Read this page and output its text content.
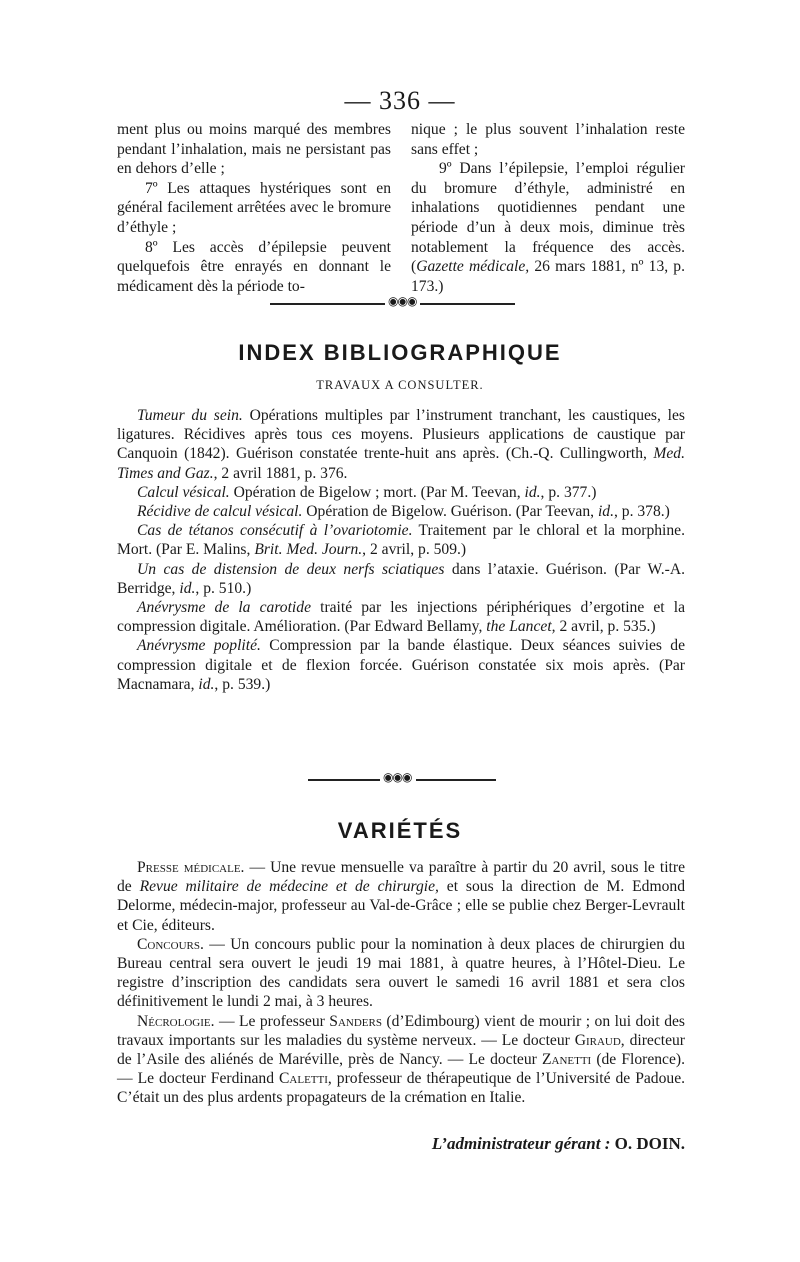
— 336 —

ment plus ou moins marqué des membres pendant l’inhalation, mais ne persistant pas en dehors d’elle ;

7º Les attaques hystériques sont en général facilement arrêtées avec le bromure d’éthyle ;

8º Les accès d’épilepsie peuvent quelquefois être enrayés en donnant le médicament dès la période to-

nique ; le plus souvent l’inhalation reste sans effet ;

9º Dans l’épilepsie, l’emploi régulier du bromure d’éthyle, administré en inhalations quotidiennes pendant une période d’un à deux mois, diminue très notablement la fréquence des accès.(Gazette médicale, 26 mars 1881, nº 13, p. 173.)

◉◉◉
INDEX BIBLIOGRAPHIQUE
TRAVAUX A CONSULTER.

Tumeur du sein. Opérations multiples par l’instrument tranchant, les caustiques, les ligatures. Récidives après tous ces moyens. Plusieurs applications de caustique par Canquoin (1842). Guérison constatée trente-huit ans après. (Ch.-Q. Cullingworth, Med. Times and Gaz., 2 avril 1881, p. 376.

Calcul vésical. Opération de Bigelow ; mort. (Par M. Teevan, id., p. 377.)

Récidive de calcul vésical. Opération de Bigelow. Guérison. (Par Teevan, id., p. 378.)

Cas de tétanos consécutif à l’ovariotomie. Traitement par le chloral et la morphine. Mort. (Par E. Malins, Brit. Med. Journ., 2 avril, p. 509.)

Un cas de distension de deux nerfs sciatiques dans l’ataxie. Guérison. (Par W.-A. Berridge, id., p. 510.)

Anévrysme de la carotide traité par les injections périphériques d’ergotine et la compression digitale. Amélioration. (Par Edward Bellamy, the Lancet, 2 avril, p. 535.)

Anévrysme poplité. Compression par la bande élastique. Deux séances suivies de compression digitale et de flexion forcée. Guérison constatée six mois après. (Par Macnamara, id., p. 539.)

◉◉◉
VARIÉTÉS

Presse médicale. — Une revue mensuelle va paraître à partir du 20 avril, sous le titre de Revue militaire de médecine et de chirurgie, et sous la direction de M. Edmond Delorme, médecin-major, professeur au Val-de-Grâce ; elle se publie chez Berger-Levrault et Cie, éditeurs.

Concours. — Un concours public pour la nomination à deux places de chirurgien du Bureau central sera ouvert le jeudi 19 mai 1881, à quatre heures, à l’Hôtel-Dieu. Le registre d’inscription des candidats sera ouvert le samedi 16 avril 1881 et sera clos définitivement le lundi 2 mai, à 3 heures.

Nécrologie. — Le professeur Sanders (d’Edimbourg) vient de mourir ; on lui doit des travaux importants sur les maladies du système nerveux. — Le docteur Giraud, directeur de l’Asile des aliénés de Maréville, près de Nancy. — Le docteur Zanetti (de Florence). — Le docteur Ferdinand Caletti, professeur de thérapeutique de l’Université de Padoue. C’était un des plus ardents propagateurs de la crémation en Italie.

L’administrateur gérant : O. DOIN.
